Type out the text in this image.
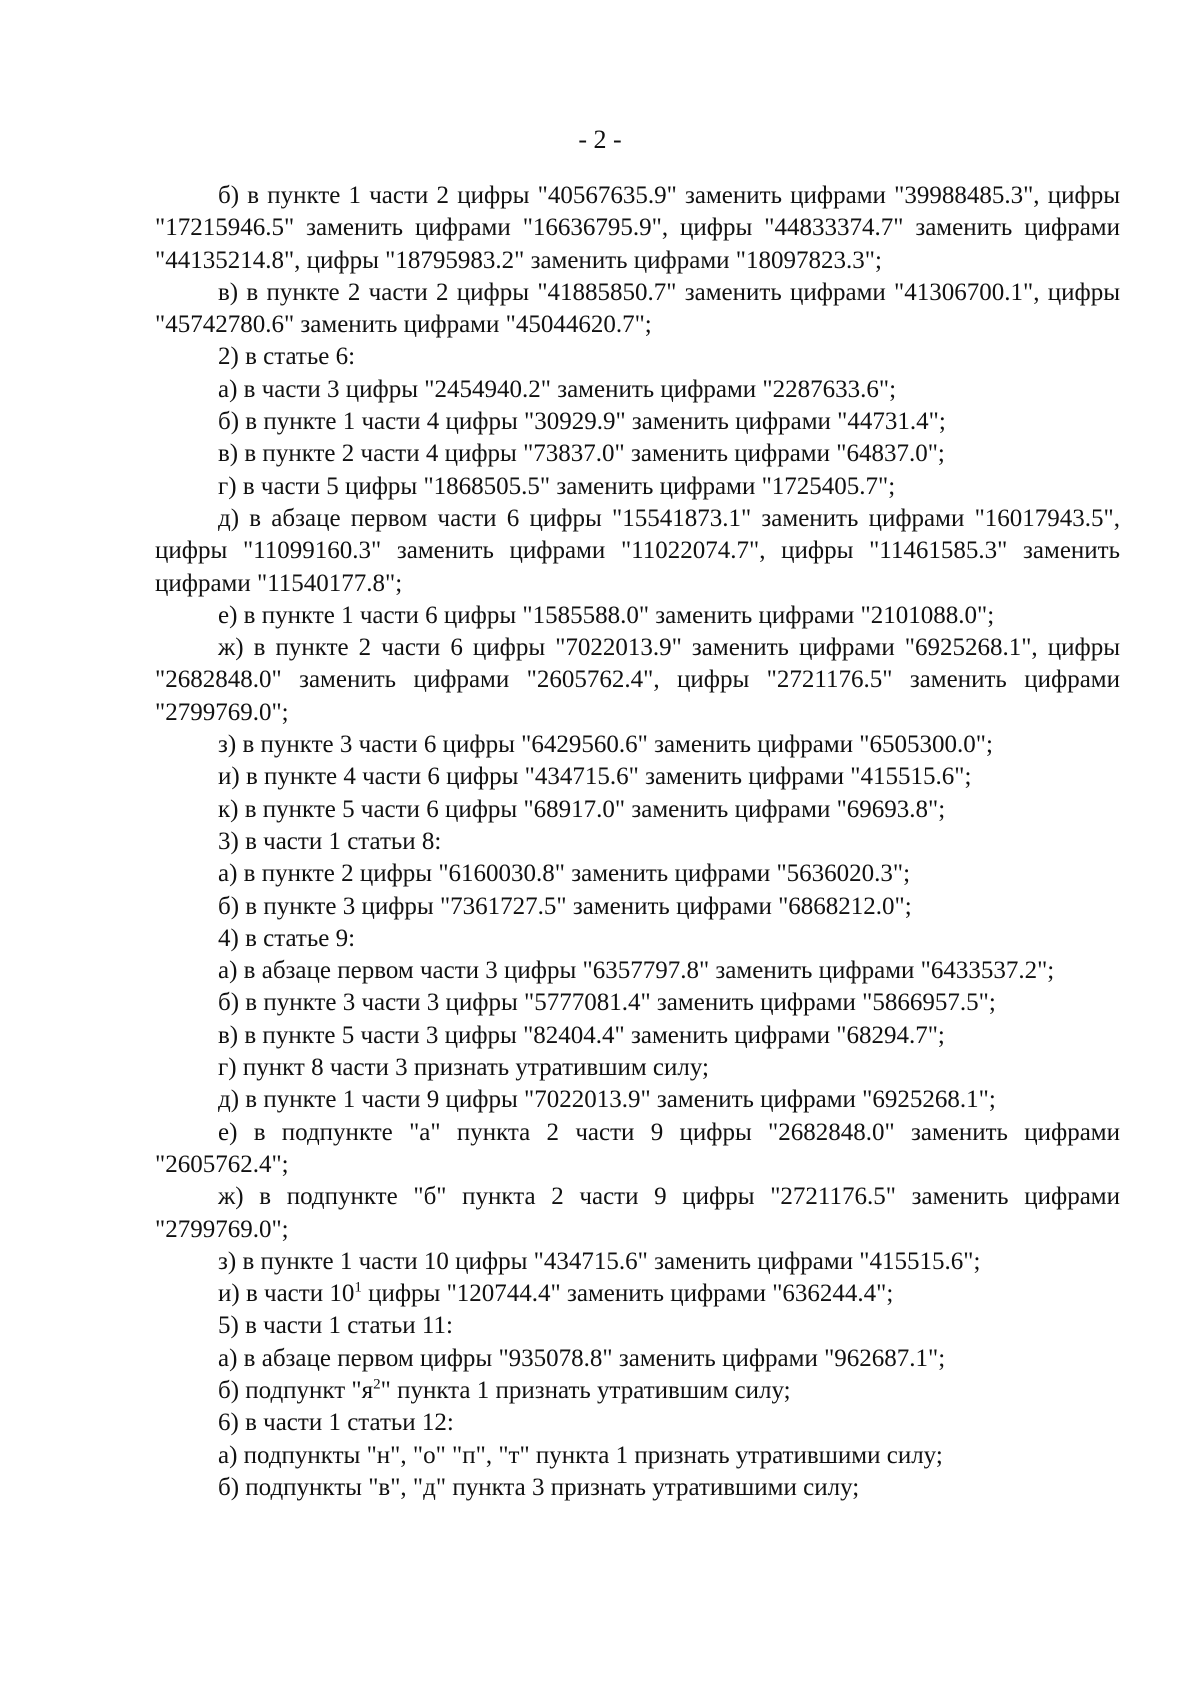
- 2 -

б) в пункте 1 части 2 цифры "40567635.9" заменить цифрами "39988485.3", цифры "17215946.5" заменить цифрами "16636795.9", цифры "44833374.7" заменить цифрами "44135214.8", цифры "18795983.2" заменить цифрами "18097823.3";

в) в пункте 2 части 2 цифры "41885850.7" заменить цифрами "41306700.1", цифры "45742780.6" заменить цифрами "45044620.7";

2) в статье 6:

а) в части 3 цифры "2454940.2" заменить цифрами "2287633.6";

б) в пункте 1 части 4 цифры "30929.9" заменить цифрами "44731.4";

в) в пункте 2 части 4 цифры "73837.0" заменить цифрами "64837.0";

г) в части 5 цифры "1868505.5" заменить цифрами "1725405.7";

д) в абзаце первом части 6 цифры "15541873.1" заменить цифрами "16017943.5", цифры "11099160.3" заменить цифрами "11022074.7", цифры "11461585.3" заменить цифрами "11540177.8";

е) в пункте 1 части 6 цифры "1585588.0" заменить цифрами "2101088.0";

ж) в пункте 2 части 6 цифры "7022013.9" заменить цифрами "6925268.1", цифры "2682848.0" заменить цифрами "2605762.4", цифры "2721176.5" заменить цифрами "2799769.0";

з) в пункте 3 части 6 цифры "6429560.6" заменить цифрами "6505300.0";

и) в пункте 4 части 6 цифры "434715.6" заменить цифрами "415515.6";

к) в пункте 5 части 6 цифры "68917.0" заменить цифрами "69693.8";

3) в части 1 статьи 8:

а) в пункте 2 цифры "6160030.8" заменить цифрами "5636020.3";

б) в пункте 3 цифры "7361727.5" заменить цифрами "6868212.0";

4) в статье 9:

а) в абзаце первом части 3 цифры "6357797.8" заменить цифрами "6433537.2";

б) в пункте 3 части 3 цифры "5777081.4" заменить цифрами "5866957.5";

в) в пункте 5 части 3 цифры "82404.4" заменить цифрами "68294.7";

г) пункт 8 части 3 признать утратившим силу;

д) в пункте 1 части 9 цифры "7022013.9" заменить цифрами "6925268.1";

е) в подпункте "а" пункта 2 части 9 цифры "2682848.0" заменить цифрами "2605762.4";

ж) в подпункте "б" пункта 2 части 9 цифры "2721176.5" заменить цифрами "2799769.0";

з) в пункте 1 части 10 цифры "434715.6" заменить цифрами "415515.6";

и) в части $10^1$ цифры "120744.4" заменить цифрами "636244.4";

5) в части 1 статьи 11:

а) в абзаце первом цифры "935078.8" заменить цифрами "962687.1";

б) подпункт "$я^2$" пункта 1 признать утратившим силу;

6) в части 1 статьи 12:

а) подпункты "н", "о" "п", "т" пункта 1 признать утратившими силу;

б) подпункты "в", "д" пункта 3 признать утратившими силу;
